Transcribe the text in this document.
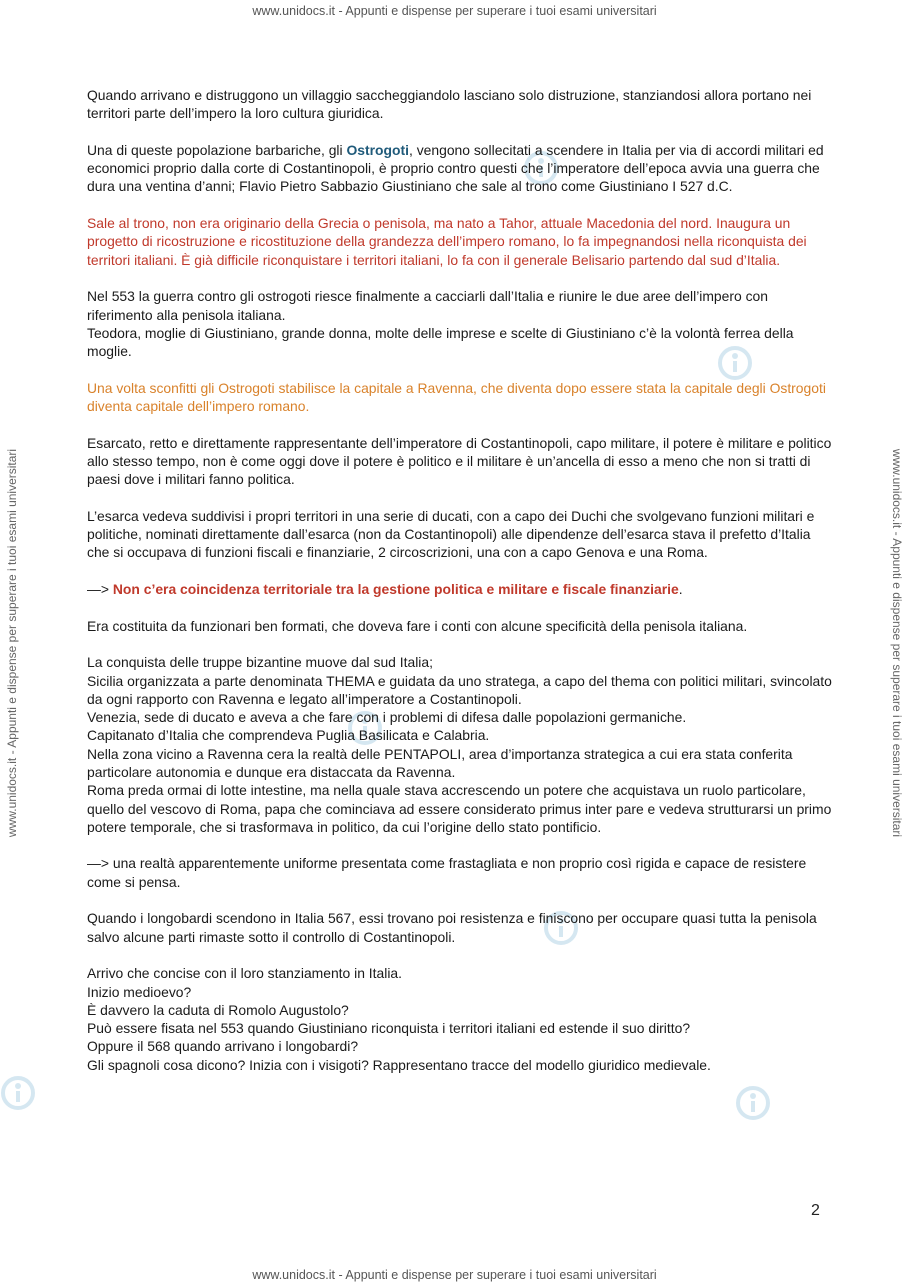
www.unidocs.it - Appunti e dispense per superare i tuoi esami universitari
www.unidocs.it - Appunti e dispense per superare i tuoi esami universitari
www.unidocs.it - Appunti e dispense per superare i tuoi esami universitari	www.unidocs.it - Appunti e dispense per superare i tuoi esami universitari

Quando arrivano e distruggono un villaggio saccheggiandolo lasciano solo distruzione, stanziandosi allora portano nei territori parte dell’impero la loro cultura giuridica.

Una di queste popolazione barbariche, gli Ostrogoti, vengono sollecitati a scendere in Italia per via di accordi militari ed economici proprio dalla corte di Costantinopoli, è proprio contro questi che l’imperatore dell’epoca avvia una guerra che dura una ventina d’anni; Flavio Pietro Sabbazio Giustiniano che sale al trono come Giustiniano I 527 d.C.

Sale al trono, non era originario della Grecia o penisola, ma nato a Tahor, attuale Macedonia del nord. Inaugura un progetto di ricostruzione e ricostituzione della grandezza dell’impero romano, lo fa impegnandosi nella riconquista dei territori italiani. È già difficile riconquistare i territori italiani, lo fa con il generale Belisario partendo dal sud d’Italia.

Nel 553 la guerra contro gli ostrogoti riesce finalmente a cacciarli dall’Italia e riunire le due aree dell’impero con riferimento alla penisola italiana.
Teodora, moglie di Giustiniano, grande donna, molte delle imprese e scelte di Giustiniano c’è la volontà ferrea della moglie.

Una volta sconfitti gli Ostrogoti stabilisce la capitale a Ravenna, che diventa dopo essere stata la capitale degli Ostrogoti diventa capitale dell’impero romano.

Esarcato, retto e direttamente rappresentante dell’imperatore di Costantinopoli, capo militare, il potere è militare e politico allo stesso tempo, non è come oggi dove il potere è politico e il militare è un’ancella di esso a meno che non si tratti di paesi dove i militari fanno politica.

L’esarca vedeva suddivisi i propri territori in una serie di ducati, con a capo dei Duchi che svolgevano funzioni militari e politiche, nominati direttamente dall’esarca (non da Costantinopoli) alle dipendenze dell’esarca stava il prefetto d’Italia che si occupava di funzioni fiscali e finanziarie, 2 circoscrizioni, una con a capo Genova e una Roma.

—> Non c’era coincidenza territoriale tra la gestione politica e militare e fiscale finanziarie.

Era costituita da funzionari ben formati, che doveva fare i conti con alcune specificità della penisola italiana.

La conquista delle truppe bizantine muove dal sud Italia;
Sicilia organizzata a parte denominata THEMA e guidata da uno stratega, a capo del thema con politici militari, svincolato da ogni rapporto con Ravenna e legato all’imperatore a Costantinopoli.
Venezia, sede di ducato e aveva a che fare con i problemi di difesa dalle popolazioni germaniche.
Capitanato d’Italia che comprendeva Puglia Basilicata e Calabria.
Nella zona vicino a Ravenna cera la realtà delle PENTAPOLI, area d’importanza strategica a cui era stata conferita particolare autonomia e dunque era distaccata da Ravenna.
Roma preda ormai di lotte intestine, ma nella quale stava accrescendo un potere che acquistava un ruolo particolare, quello del vescovo di Roma, papa che cominciava ad essere considerato primus inter pare e vedeva strutturarsi un primo potere temporale, che si trasformava in politico, da cui l’origine dello stato pontificio.

—> una realtà apparentemente uniforme presentata come frastagliata e non proprio così rigida e capace de resistere come si pensa.

Quando i longobardi scendono in Italia 567, essi trovano poi resistenza e finiscono per occupare quasi tutta la penisola salvo alcune parti rimaste sotto il controllo di Costantinopoli.

Arrivo che concise con il loro stanziamento in Italia.
Inizio medioevo?
È davvero la caduta di Romolo Augustolo?
Può essere fisata nel 553 quando Giustiniano riconquista i territori italiani ed estende il suo diritto?
Oppure il 568 quando arrivano i longobardi?
Gli spagnoli cosa dicono? Inizia con i visigoti? Rappresentano tracce del modello giuridico medievale.

2
